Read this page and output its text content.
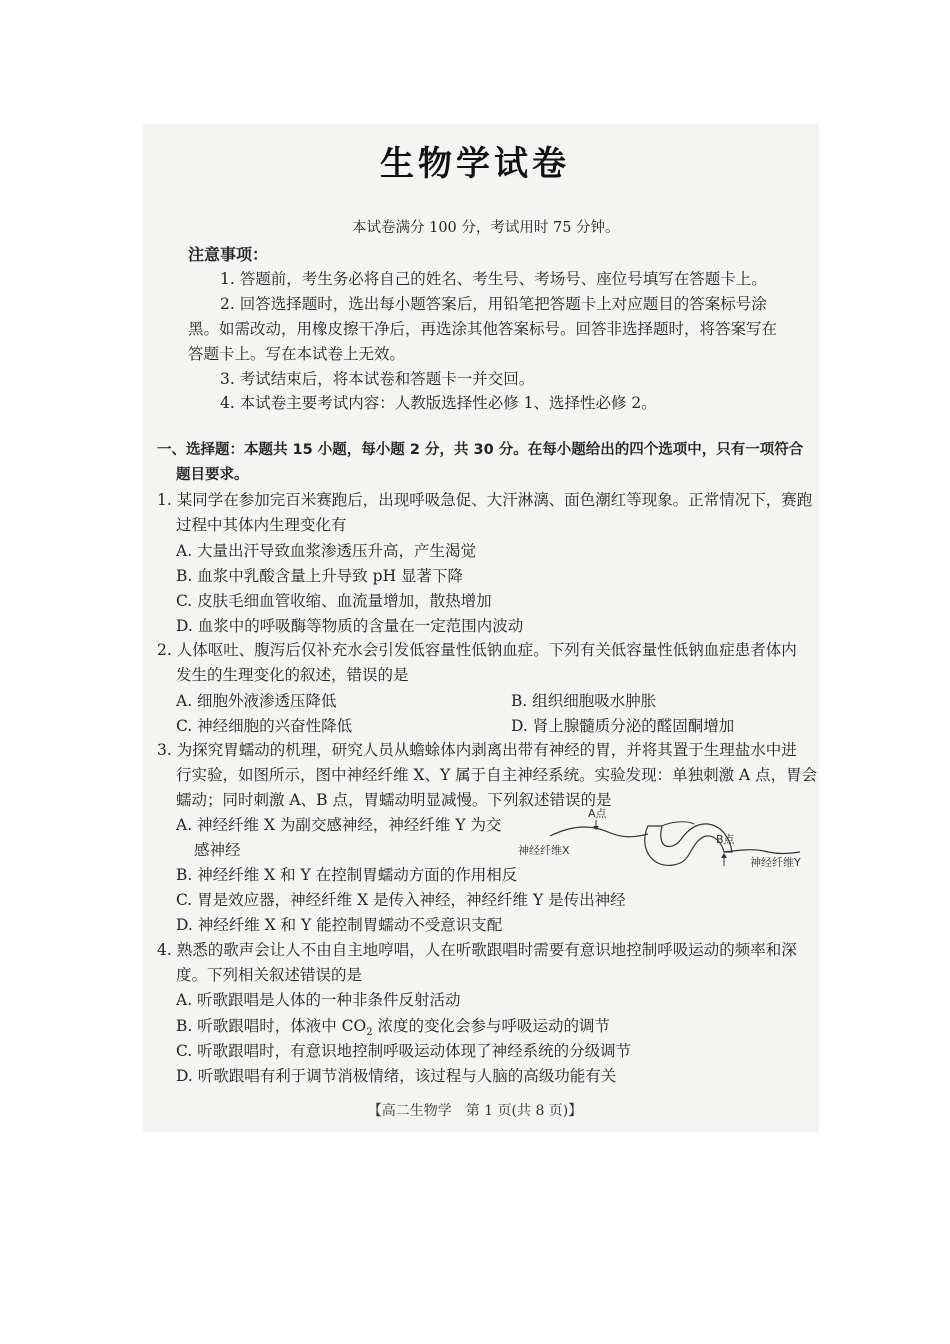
生物学试卷
本试卷满分 100 分，考试用时 75 分钟。
注意事项：
1. 答题前，考生务必将自己的姓名、考生号、考场号、座位号填写在答题卡上。
2. 回答选择题时，选出每小题答案后，用铅笔把答题卡上对应题目的答案标号涂
黑。如需改动，用橡皮擦干净后，再选涂其他答案标号。回答非选择题时，将答案写在
答题卡上。写在本试卷上无效。
3. 考试结束后，将本试卷和答题卡一并交回。
4. 本试卷主要考试内容：人教版选择性必修 1、选择性必修 2。
一、选择题：本题共 15 小题，每小题 2 分，共 30 分。在每小题给出的四个选项中，只有一项符合
题目要求。
1. 某同学在参加完百米赛跑后，出现呼吸急促、大汗淋漓、面色潮红等现象。正常情况下，赛跑
过程中其体内生理变化有
A. 大量出汗导致血浆渗透压升高，产生渴觉
B. 血浆中乳酸含量上升导致 pH 显著下降
C. 皮肤毛细血管收缩、血流量增加，散热增加
D. 血浆中的呼吸酶等物质的含量在一定范围内波动
2. 人体呕吐、腹泻后仅补充水会引发低容量性低钠血症。下列有关低容量性低钠血症患者体内
发生的生理变化的叙述，错误的是
A. 细胞外液渗透压降低	B. 组织细胞吸水肿胀
C. 神经细胞的兴奋性降低	D. 肾上腺髓质分泌的醛固酮增加
3. 为探究胃蠕动的机理，研究人员从蟾蜍体内剥离出带有神经的胃，并将其置于生理盐水中进
行实验，如图所示，图中神经纤维 X、Y 属于自主神经系统。实验发现：单独刺激 A 点，胃会
蠕动；同时刺激 A、B 点，胃蠕动明显减慢。下列叙述错误的是
A. 神经纤维 X 为副交感神经，神经纤维 Y 为交
感神经
B. 神经纤维 X 和 Y 在控制胃蠕动方面的作用相反
C. 胃是效应器，神经纤维 X 是传入神经，神经纤维 Y 是传出神经
D. 神经纤维 X 和 Y 能控制胃蠕动不受意识支配
A点
B点
神经纤维X
神经纤维Y
4. 熟悉的歌声会让人不由自主地哼唱，人在听歌跟唱时需要有意识地控制呼吸运动的频率和深
度。下列相关叙述错误的是
A. 听歌跟唱是人体的一种非条件反射活动
B. 听歌跟唱时，体液中 $CO_2$ 浓度的变化会参与呼吸运动的调节
C. 听歌跟唱时，有意识地控制呼吸运动体现了神经系统的分级调节
D. 听歌跟唱有利于调节消极情绪，该过程与人脑的高级功能有关
【高二生物学　第 1 页(共 8 页)】
